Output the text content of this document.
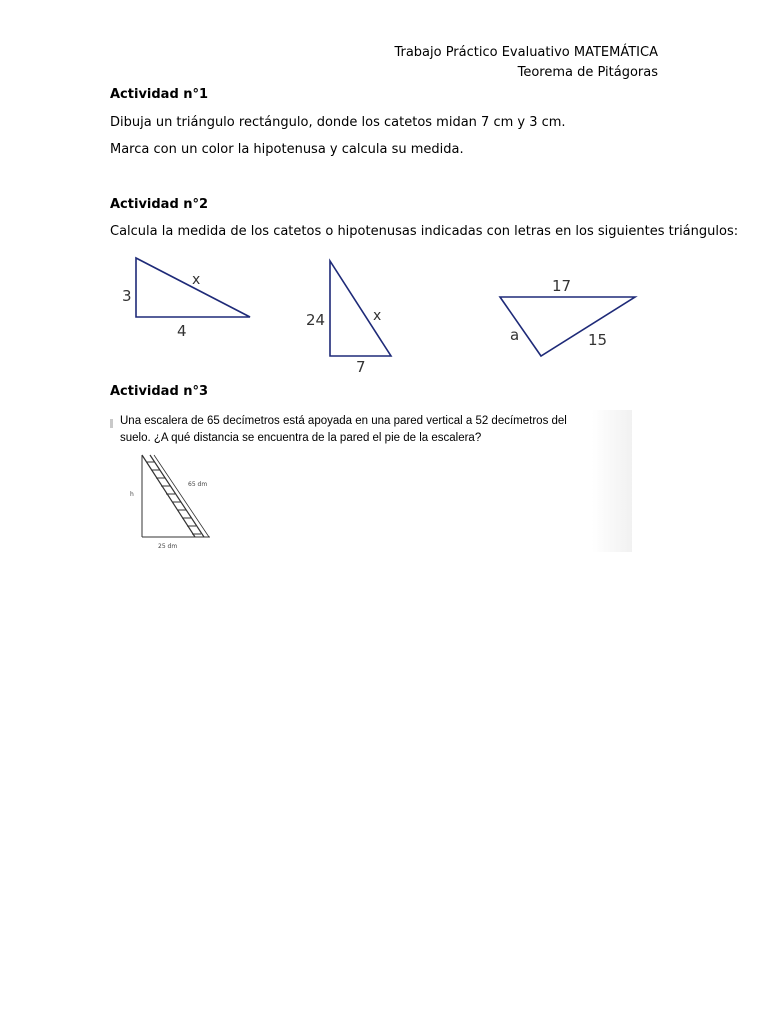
Trabajo Práctico Evaluativo MATEMÁTICA
Teorema de Pitágoras
Actividad n°1
Dibuja un triángulo rectángulo, donde los catetos midan 7 cm y 3 cm.
Marca con un color la hipotenusa y calcula su medida.
Actividad n°2
Calcula la medida de los catetos o hipotenusas indicadas con letras en los siguientes triángulos:
3
x
4
24	x
7
17
a	15
Actividad n°3
Una escalera de 65 decímetros está apoyada en una pared vertical a 52 decímetros del
suelo. ¿A qué distancia se encuentra de la pared el pie de la escalera?
65 dm
h
25 dm
